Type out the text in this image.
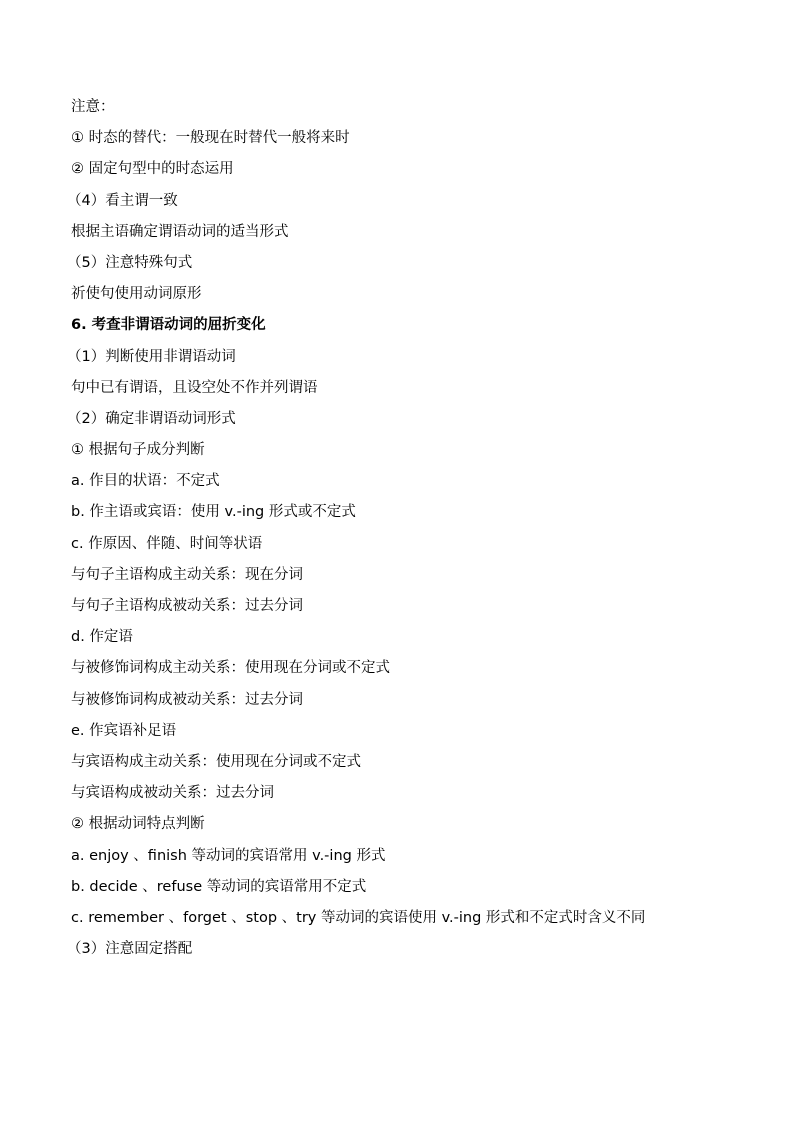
注意：
① 时态的替代：一般现在时替代一般将来时
② 固定句型中的时态运用
（4）看主谓一致
根据主语确定谓语动词的适当形式
（5）注意特殊句式
祈使句使用动词原形
6. 考查非谓语动词的屈折变化
（1）判断使用非谓语动词
句中已有谓语，且设空处不作并列谓语
（2）确定非谓语动词形式
① 根据句子成分判断
a. 作目的状语：不定式
b. 作主语或宾语：使用 v.-ing 形式或不定式
c. 作原因、伴随、时间等状语
与句子主语构成主动关系：现在分词
与句子主语构成被动关系：过去分词
d. 作定语
与被修饰词构成主动关系：使用现在分词或不定式
与被修饰词构成被动关系：过去分词
e. 作宾语补足语
与宾语构成主动关系：使用现在分词或不定式
与宾语构成被动关系：过去分词
② 根据动词特点判断
a. enjoy 、finish 等动词的宾语常用 v.-ing 形式
b. decide 、refuse 等动词的宾语常用不定式
c. remember 、forget 、stop 、try 等动词的宾语使用 v.-ing 形式和不定式时含义不同
（3）注意固定搭配
